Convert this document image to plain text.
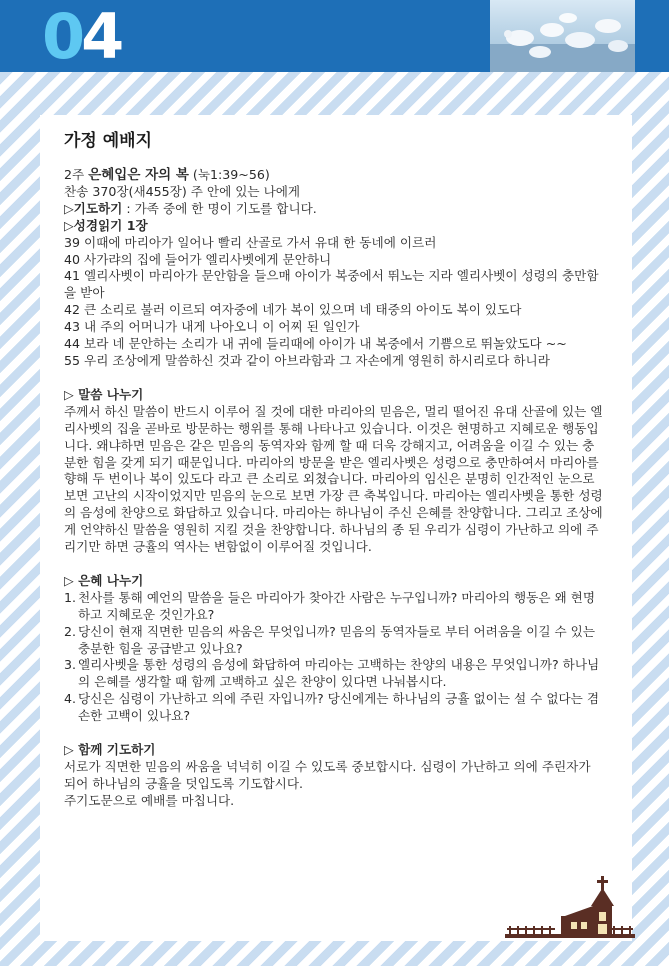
04
가정 예배지
2주 은혜입은 자의 복 (눅1:39~56)
찬송 370장(새455장) 주 안에 있는 나에게
▷기도하기 : 가족 중에 한 명이 기도를 합니다.
▷성경읽기 1장
39 이때에 마리아가 일어나 빨리 산골로 가서 유대 한 동네에 이르러
40 사가랴의 집에 들어가 엘리사벳에게 문안하니
41 엘리사벳이 마리아가 문안함을 들으매 아이가 복중에서 뛰노는 지라 엘리사벳이 성령의 충만함을 받아
42 큰 소리로 불러 이르되 여자중에 네가 복이 있으며 네 태중의 아이도 복이 있도다
43 내 주의 어머니가 내게 나아오니 이 어찌 된 일인가
44 보라 네 문안하는 소리가 내 귀에 들리때에 아이가 내 복중에서 기쁨으로 뛰놀았도다 ~~
55 우리 조상에게 말씀하신 것과 같이 아브라함과 그 자손에게 영원히 하시리로다 하니라
▷ 말씀 나누기
주께서 하신 말씀이 반드시 이루어 질 것에 대한 마리아의 믿음은, 멀리 떨어진 유대 산골에 있는 엘리사벳의 집을 곧바로 방문하는 행위를 통해 나타나고 있습니다. 이것은 현명하고 지혜로운 행동입니다. 왜냐하면 믿음은 같은 믿음의 동역자와 함께 할 때 더욱 강해지고, 어려움을 이길 수 있는 충분한 힘을 갖게 되기 때문입니다. 마리아의 방문을 받은 엘리사벳은 성령으로 충만하여서 마리아를 향해 두 번이나 복이 있도다 라고 큰 소리로 외쳤습니다. 마리아의 임신은 분명히 인간적인 눈으로 보면 고난의 시작이었지만 믿음의 눈으로 보면 가장 큰 축복입니다. 마리아는 엘리사벳을 통한 성령의 음성에 찬양으로 화답하고 있습니다. 마리아는 하나님이 주신 은혜를 찬양합니다. 그리고 조상에게 언약하신 말씀을 영원히 지킬 것을 찬양합니다. 하나님의 종 된 우리가 심령이 가난하고 의에 주리기만 하면 긍휼의 역사는 변함없이 이루어질 것입니다.
▷ 은혜 나누기
1. 천사를 통해 예언의 말씀을 들은 마리아가 찾아간 사람은 누구입니까? 마리아의 행동은 왜 현명하고 지혜로운 것인가요?
2. 당신이 현재 직면한 믿음의 싸움은 무엇입니까? 믿음의 동역자들로 부터 어려움을 이길 수 있는 충분한 힘을 공급받고 있나요?
3. 엘리사벳을 통한 성령의 음성에 화답하여 마리아는 고백하는 찬양의 내용은 무엇입니까? 하나님의 은혜를 생각할 때 함께 고백하고 싶은 찬양이 있다면 나눠봅시다.
4. 당신은 심령이 가난하고 의에 주린 자입니까? 당신에게는 하나님의 긍휼 없이는 설 수 없다는 겸손한 고백이 있나요?
▷ 함께 기도하기
서로가 직면한 믿음의 싸움을 넉넉히 이길 수 있도록 중보합시다. 심령이 가난하고 의에 주린자가 되어 하나님의 긍휼을 덧입도록 기도합시다.
주기도문으로 예배를 마칩니다.
